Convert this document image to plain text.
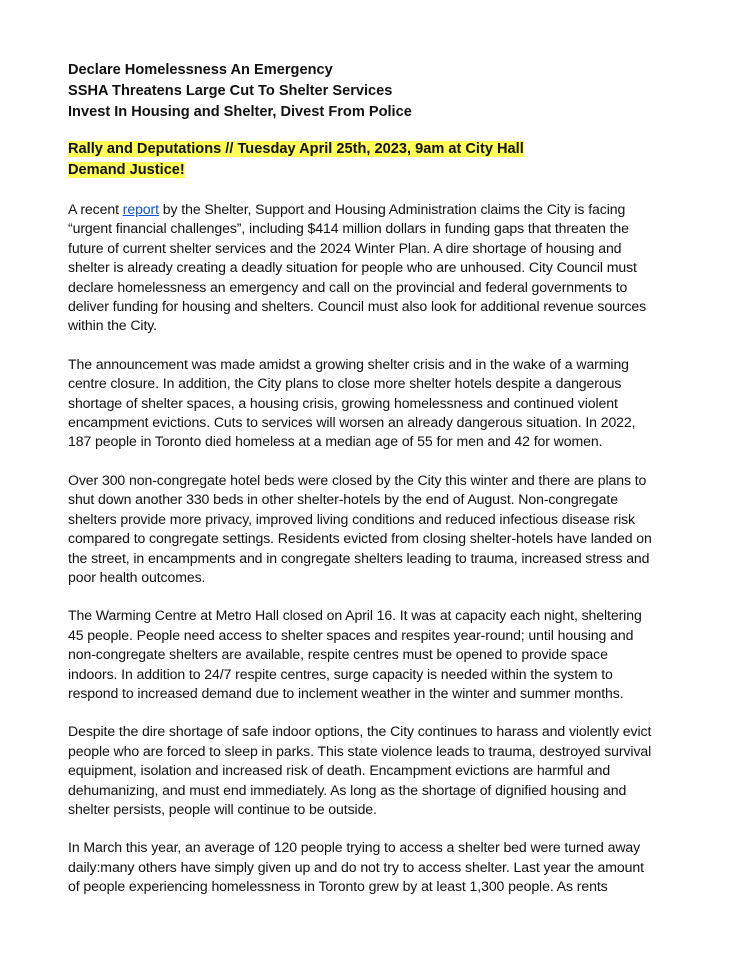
Declare Homelessness An Emergency
SSHA Threatens Large Cut To Shelter Services
Invest In Housing and Shelter, Divest From Police
Rally and Deputations // Tuesday April 25th, 2023, 9am at City Hall
Demand Justice!
A recent report by the Shelter, Support and Housing Administration claims the City is facing
“urgent financial challenges”, including $414 million dollars in funding gaps that threaten the
future of current shelter services and the 2024 Winter Plan. A dire shortage of housing and
shelter is already creating a deadly situation for people who are unhoused. City Council must
declare homelessness an emergency and call on the provincial and federal governments to
deliver funding for housing and shelters. Council must also look for additional revenue sources
within the City.
The announcement was made amidst a growing shelter crisis and in the wake of a warming
centre closure. In addition, the City plans to close more shelter hotels despite a dangerous
shortage of shelter spaces, a housing crisis, growing homelessness and continued violent
encampment evictions. Cuts to services will worsen an already dangerous situation. In 2022,
187 people in Toronto died homeless at a median age of 55 for men and 42 for women.
Over 300 non-congregate hotel beds were closed by the City this winter and there are plans to
shut down another 330 beds in other shelter-hotels by the end of August. Non-congregate
shelters provide more privacy, improved living conditions and reduced infectious disease risk
compared to congregate settings. Residents evicted from closing shelter-hotels have landed on
the street, in encampments and in congregate shelters leading to trauma, increased stress and
poor health outcomes.
The Warming Centre at Metro Hall closed on April 16. It was at capacity each night, sheltering
45 people. People need access to shelter spaces and respites year-round; until housing and
non-congregate shelters are available, respite centres must be opened to provide space
indoors. In addition to 24/7 respite centres, surge capacity is needed within the system to
respond to increased demand due to inclement weather in the winter and summer months.
Despite the dire shortage of safe indoor options, the City continues to harass and violently evict
people who are forced to sleep in parks. This state violence leads to trauma, destroyed survival
equipment, isolation and increased risk of death. Encampment evictions are harmful and
dehumanizing, and must end immediately. As long as the shortage of dignified housing and
shelter persists, people will continue to be outside.
In March this year, an average of 120 people trying to access a shelter bed were turned away
daily:many others have simply given up and do not try to access shelter. Last year the amount
of people experiencing homelessness in Toronto grew by at least 1,300 people. As rents
